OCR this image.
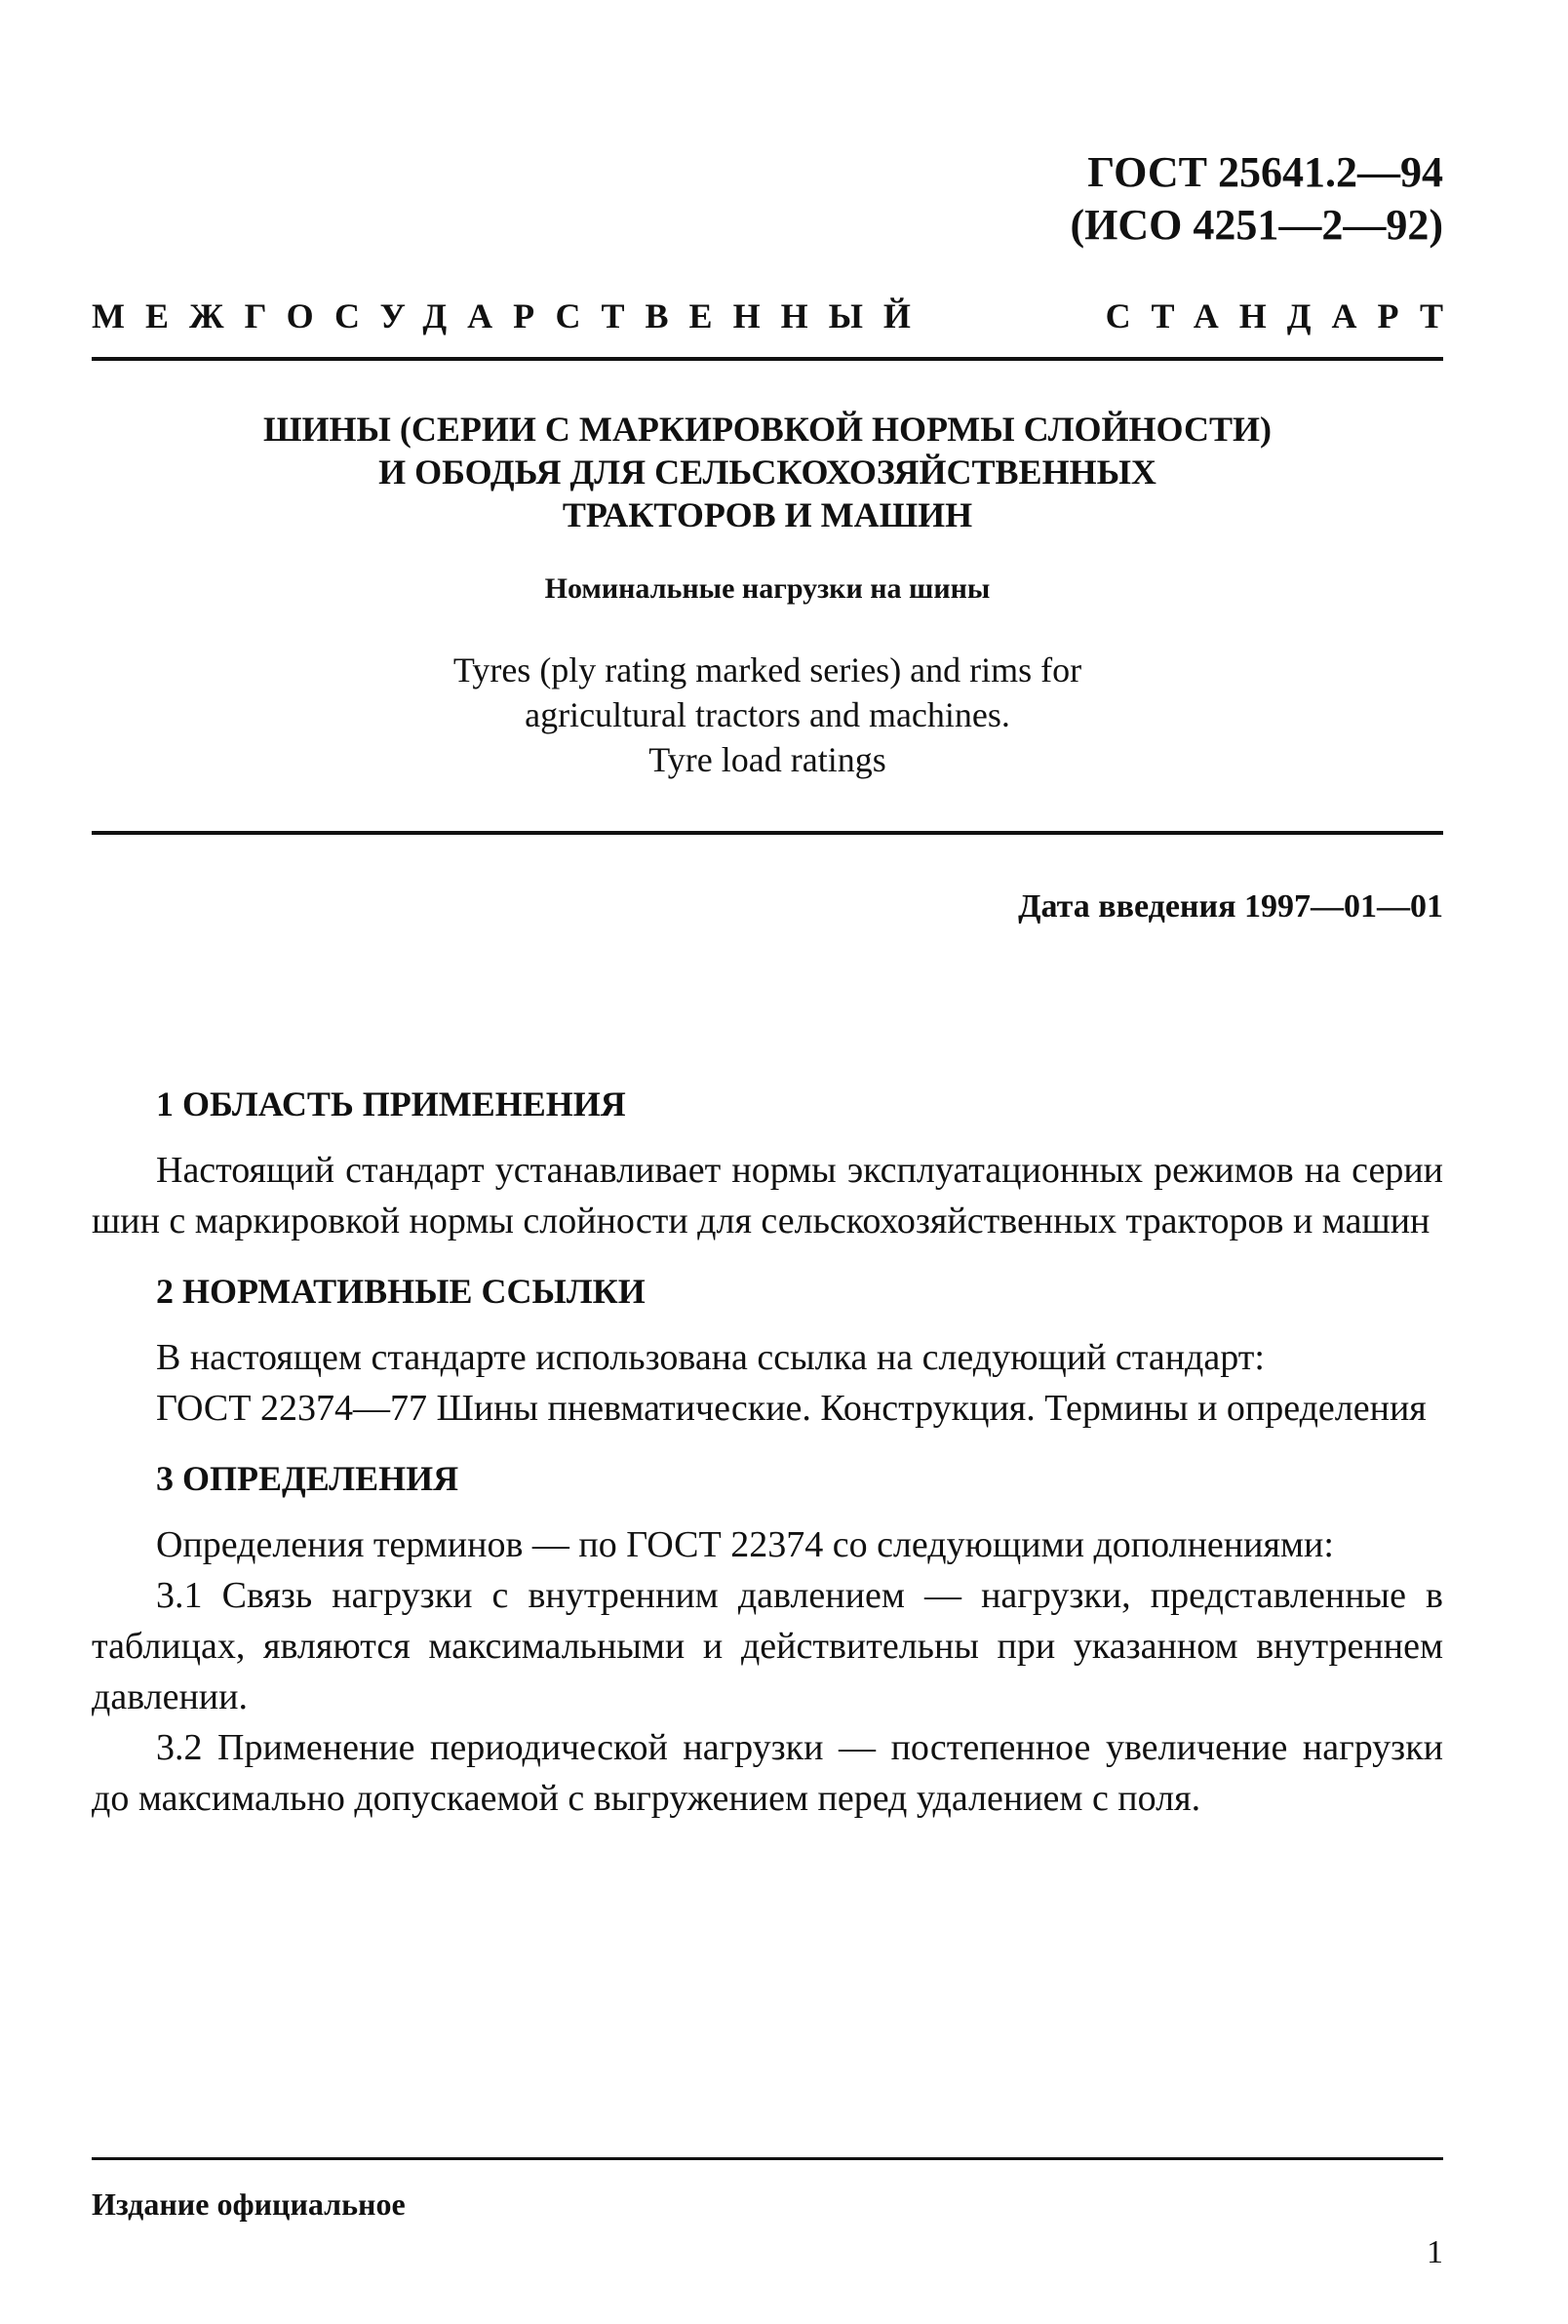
ГОСТ 25641.2—94
(ИСО 4251—2—92)
МЕЖГОСУДАРСТВЕННЫЙ	СТАНДАРТ
ШИНЫ (СЕРИИ С МАРКИРОВКОЙ НОРМЫ СЛОЙНОСТИ)
И ОБОДЬЯ ДЛЯ СЕЛЬСКОХОЗЯЙСТВЕННЫХ
ТРАКТОРОВ И МАШИН
Номинальные нагрузки на шины
Tyres (ply rating marked series) and rims for
agricultural tractors and machines.
Tyre load ratings
Дата введения 1997—01—01
1 ОБЛАСТЬ ПРИМЕНЕНИЯ

Настоящий стандарт устанавливает нормы эксплуатационных режимов на серии шин с маркировкой нормы слойности для сельскохозяйственных тракторов и машин

2 НОРМАТИВНЫЕ ССЫЛКИ

В настоящем стандарте использована ссылка на следующий стандарт:

ГОСТ 22374—77 Шины пневматические. Конструкция. Термины и определения

3 ОПРЕДЕЛЕНИЯ

Определения терминов — по ГОСТ 22374 со следующими дополнениями:

3.1 Связь нагрузки с внутренним давлением — нагрузки, представленные в таблицах, являются максимальными и действительны при указанном внутреннем давлении.

3.2 Применение периодической нагрузки — постепенное увеличение нагрузки до максимально допускаемой с выгружением перед удалением с поля.

Издание официальное
1
